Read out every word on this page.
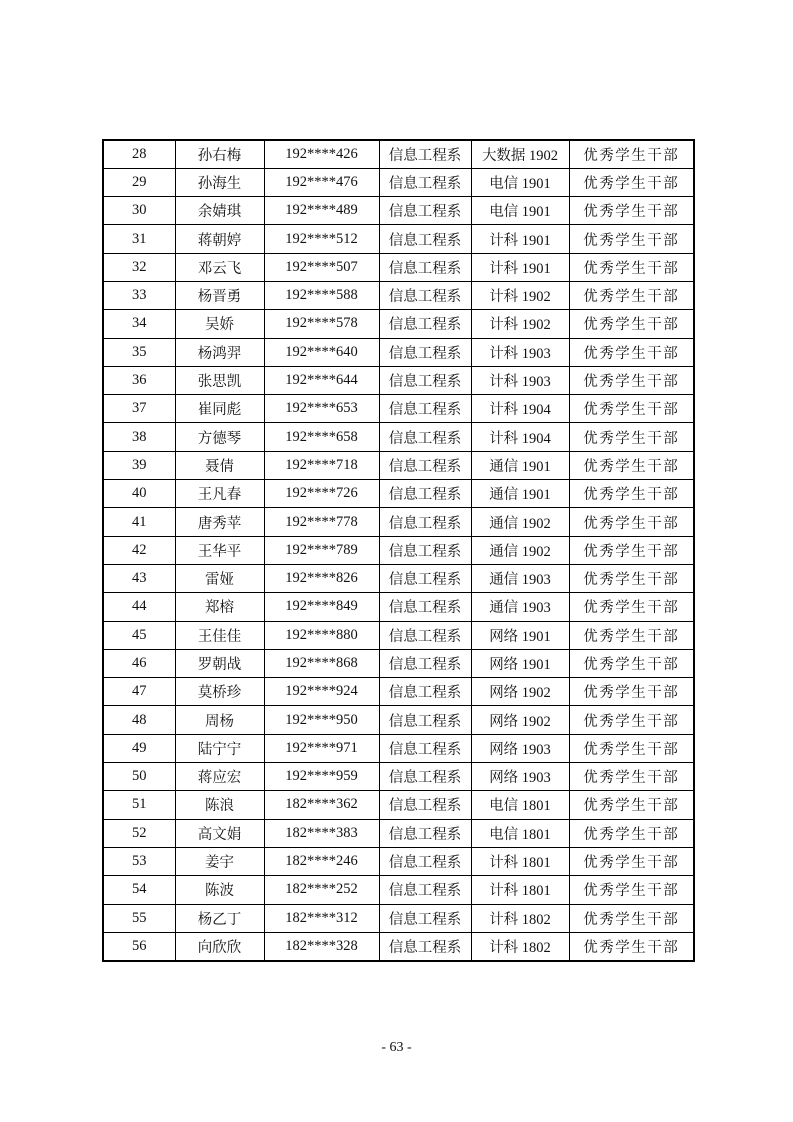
28	孙右梅	192****426	信息工程系	大数据 1902	优秀学生干部
29	孙海生	192****476	信息工程系	电信 1901	优秀学生干部
30	余婧琪	192****489	信息工程系	电信 1901	优秀学生干部
31	蒋朝婷	192****512	信息工程系	计科 1901	优秀学生干部
32	邓云飞	192****507	信息工程系	计科 1901	优秀学生干部
33	杨晋勇	192****588	信息工程系	计科 1902	优秀学生干部
34	吴娇	192****578	信息工程系	计科 1902	优秀学生干部
35	杨鸿羿	192****640	信息工程系	计科 1903	优秀学生干部
36	张思凯	192****644	信息工程系	计科 1903	优秀学生干部
37	崔同彪	192****653	信息工程系	计科 1904	优秀学生干部
38	方德琴	192****658	信息工程系	计科 1904	优秀学生干部
39	聂倩	192****718	信息工程系	通信 1901	优秀学生干部
40	王凡春	192****726	信息工程系	通信 1901	优秀学生干部
41	唐秀苹	192****778	信息工程系	通信 1902	优秀学生干部
42	王华平	192****789	信息工程系	通信 1902	优秀学生干部
43	雷娅	192****826	信息工程系	通信 1903	优秀学生干部
44	郑榕	192****849	信息工程系	通信 1903	优秀学生干部
45	王佳佳	192****880	信息工程系	网络 1901	优秀学生干部
46	罗朝战	192****868	信息工程系	网络 1901	优秀学生干部
47	莫桥珍	192****924	信息工程系	网络 1902	优秀学生干部
48	周杨	192****950	信息工程系	网络 1902	优秀学生干部
49	陆宁宁	192****971	信息工程系	网络 1903	优秀学生干部
50	蒋应宏	192****959	信息工程系	网络 1903	优秀学生干部
51	陈浪	182****362	信息工程系	电信 1801	优秀学生干部
52	高文娟	182****383	信息工程系	电信 1801	优秀学生干部
53	姜宇	182****246	信息工程系	计科 1801	优秀学生干部
54	陈波	182****252	信息工程系	计科 1801	优秀学生干部
55	杨乙丁	182****312	信息工程系	计科 1802	优秀学生干部
56	向欣欣	182****328	信息工程系	计科 1802	优秀学生干部
- 63 -
